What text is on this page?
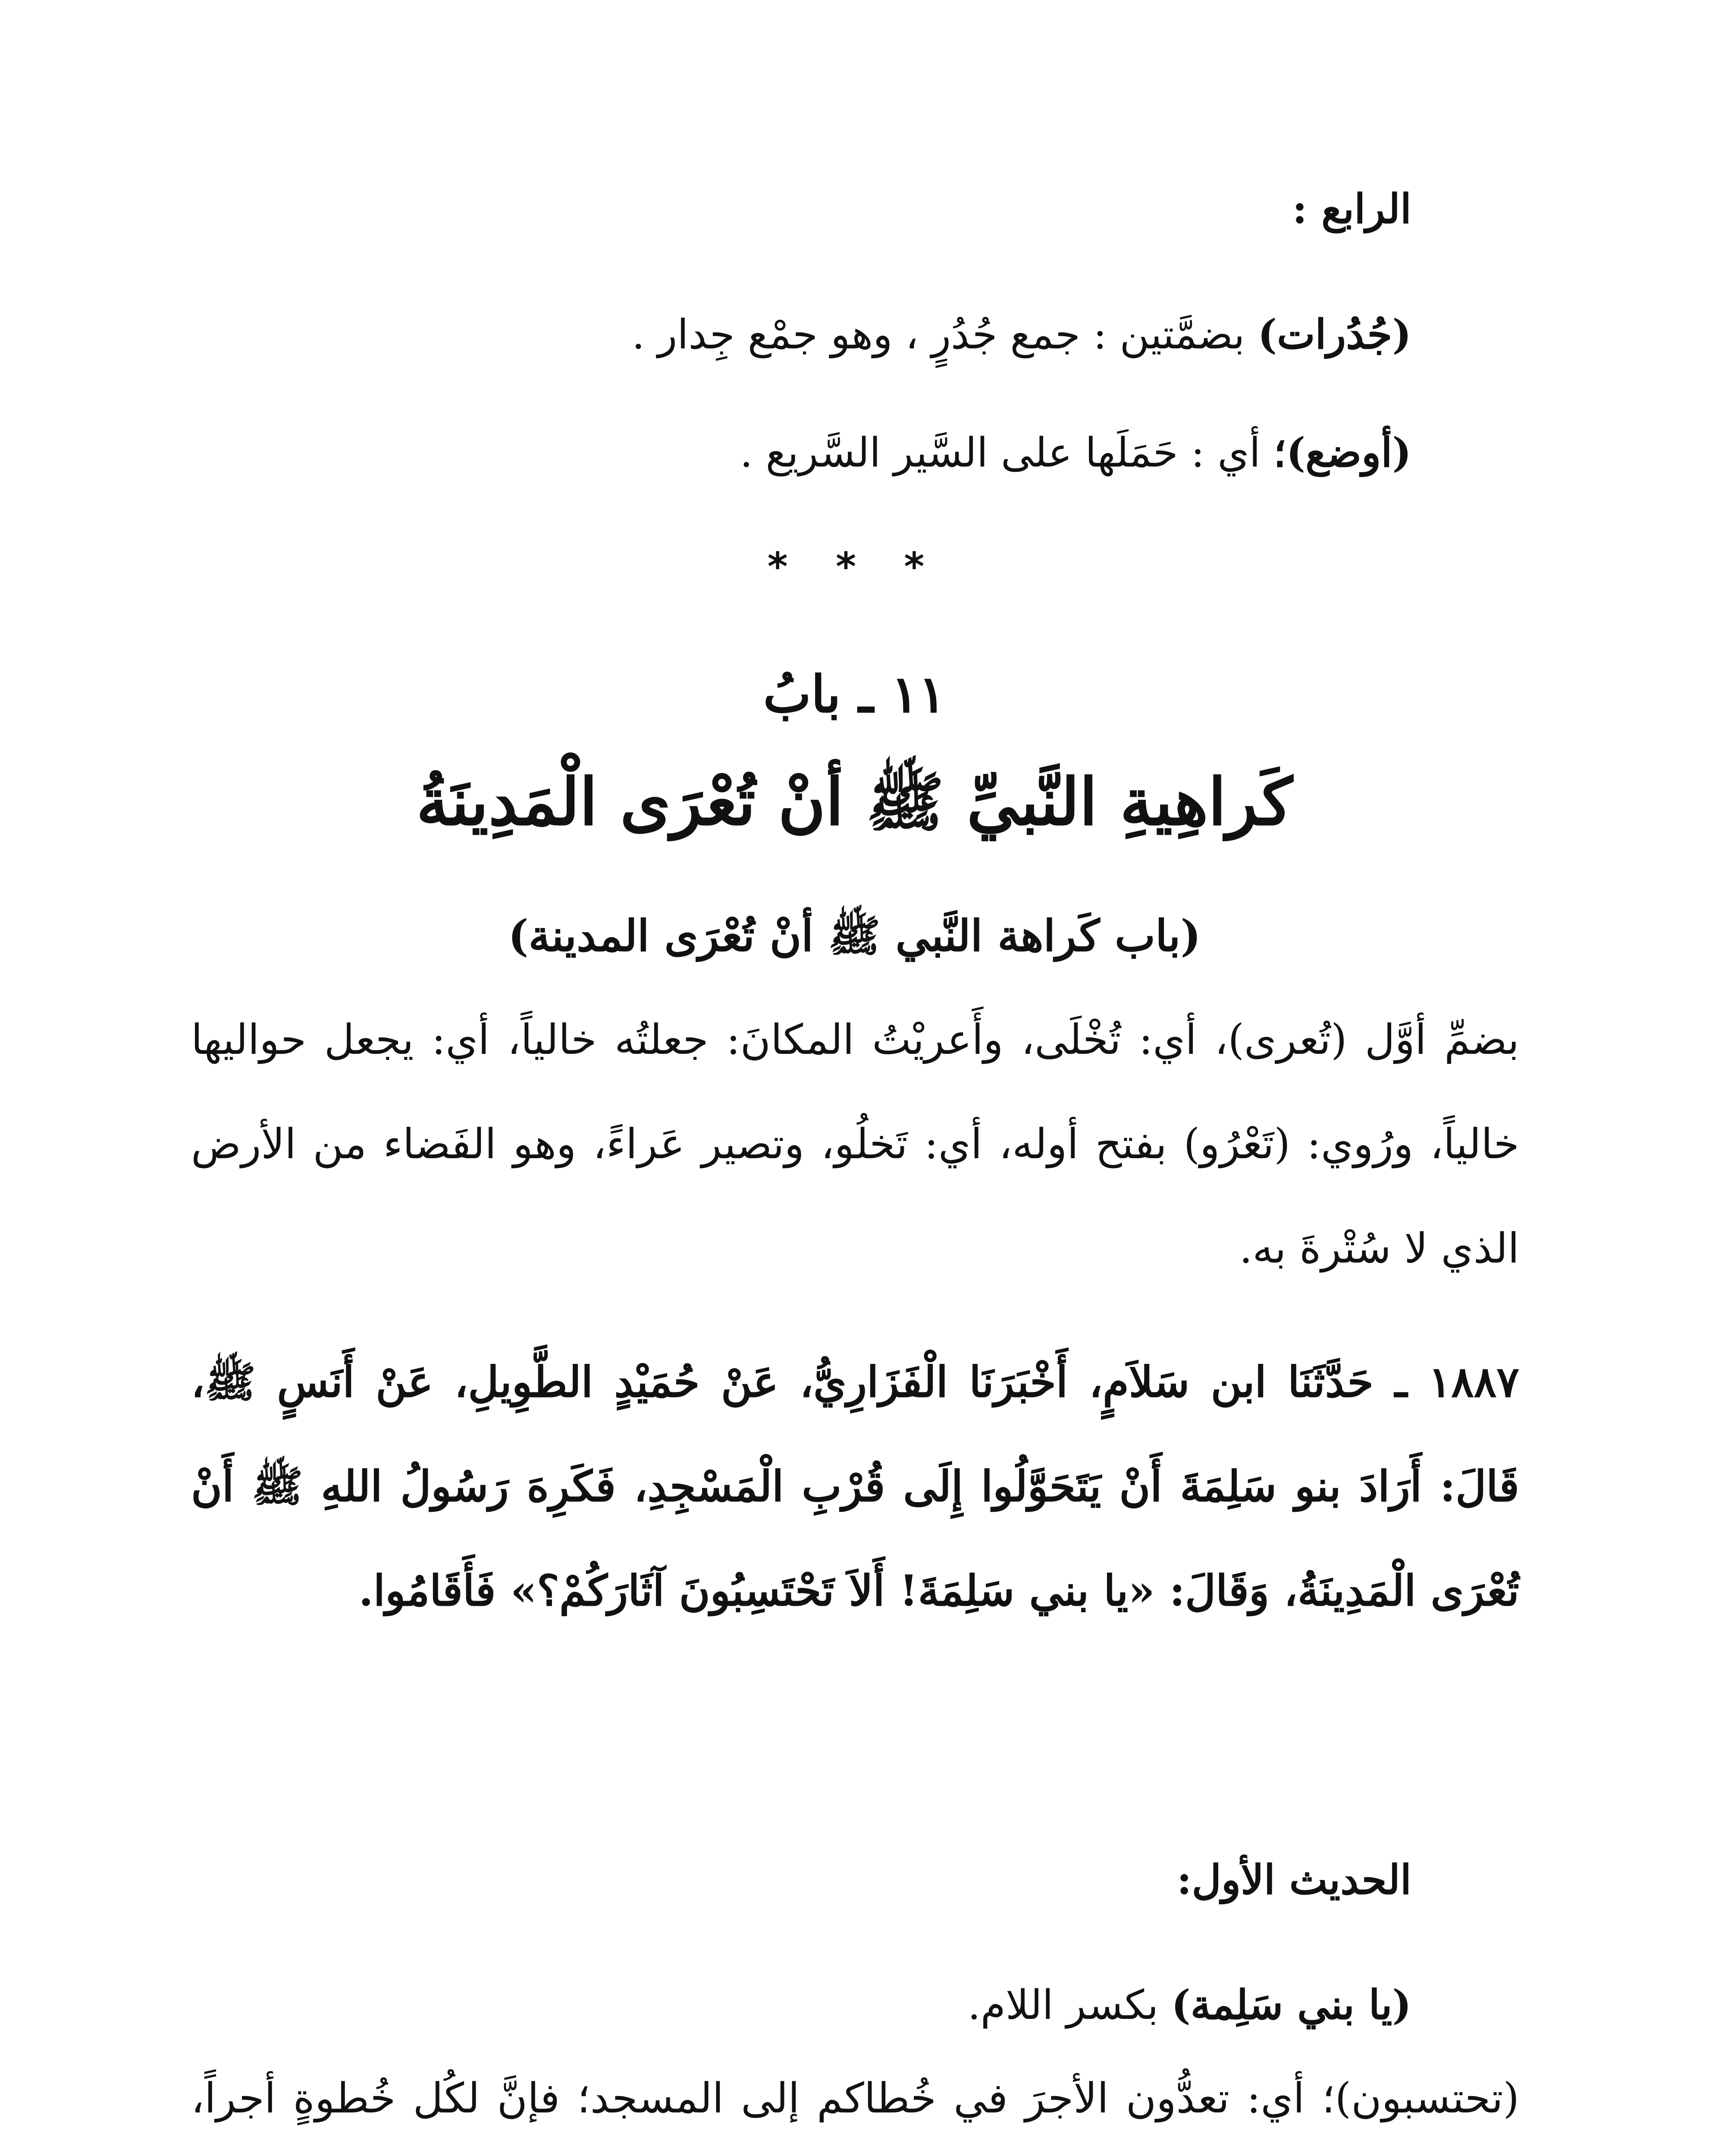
الرابع :
(جُدُرات) بضمَّتين : جمع جُدُرٍ ، وهو جمْع جِدار .
(أوضع)؛ أي : حَمَلَها على السَّير السَّريع .
* * *
١١ ـ بابُ
كَراهِيةِ النَّبيِّ ﷺ أنْ تُعْرَى الْمَدِينَةُ
(باب كَراهة النَّبي ﷺ أنْ تُعْرَى المدينة)
بضمِّ أوَّل (تُعرى)، أي: تُخْلَى، وأَعريْتُ المكانَ: جعلتُه خالياً، أي: يجعل حواليها خالياً، ورُوي: (تَعْرُو) بفتح أوله، أي: تَخلُو، وتصير عَراءً، وهو الفَضاء من الأرض الذي لا سُتْرةَ به.
١٨٨٧ ـ حَدَّثَنَا ابن سَلاَمٍ، أَخْبَرَنَا الْفَزَارِيُّ، عَنْ حُمَيْدٍ الطَّوِيلِ، عَنْ أَنَسٍ ﷺ، قَالَ: أَرَادَ بنو سَلِمَةَ أَنْ يَتَحَوَّلُوا إِلَى قُرْبِ الْمَسْجِدِ، فَكَرِهَ رَسُولُ اللهِ ﷺ أَنْ تُعْرَى الْمَدِينَةُ، وَقَالَ: «يا بني سَلِمَةَ! أَلاَ تَحْتَسِبُونَ آثَارَكُمْ؟» فَأَقَامُوا.
الحديث الأول:
(يا بني سَلِمة) بكسر اللام.
(تحتسبون)؛ أي: تعدُّون الأجرَ في خُطاكم إلى المسجد؛ فإنَّ لكُل خُطوةٍ أجراً،
